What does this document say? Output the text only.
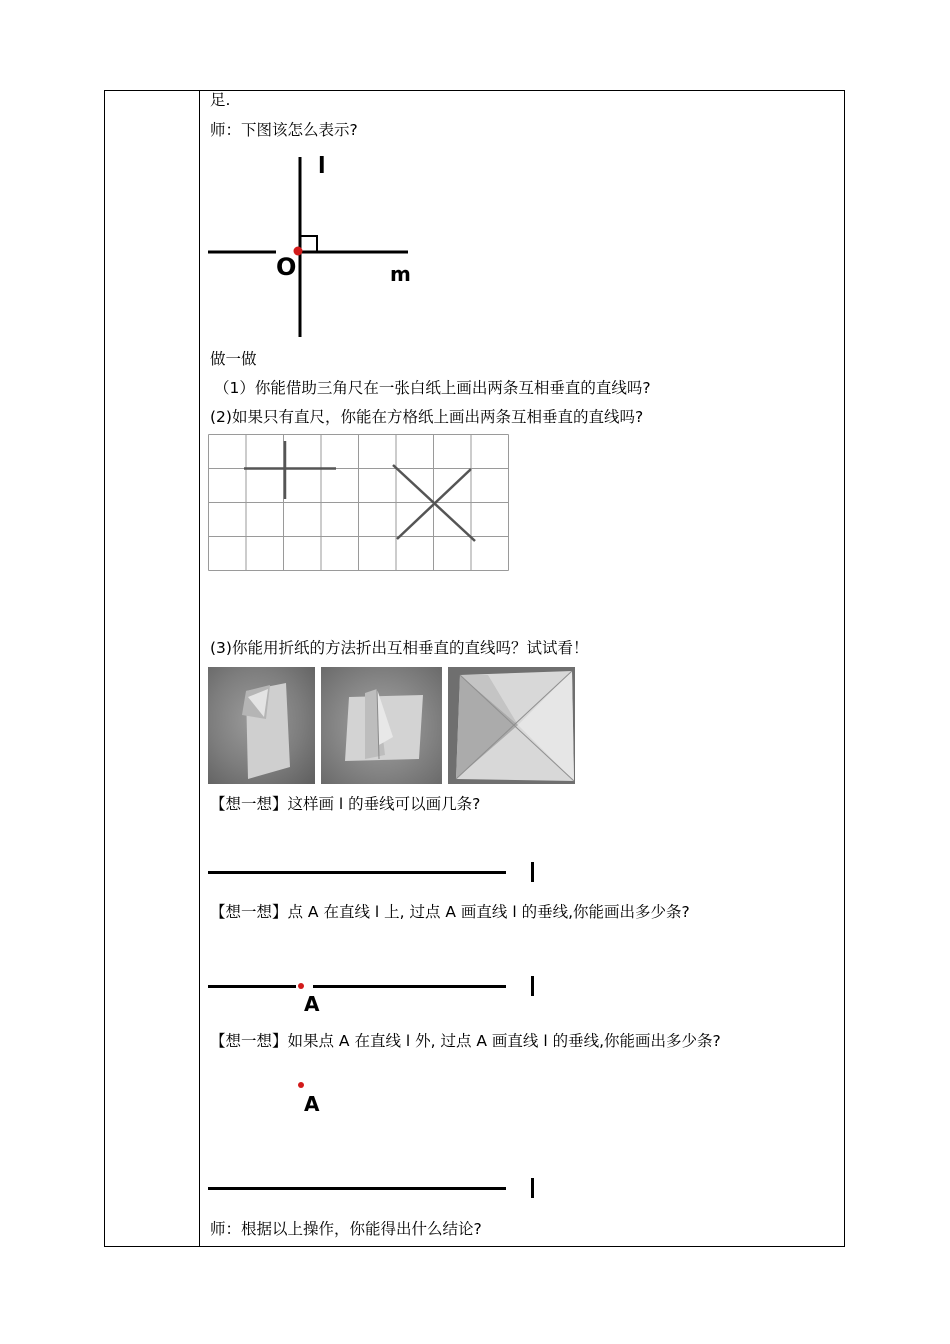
足.
师：下图该怎么表示?
l
O	m
做一做
（1）你能借助三角尺在一张白纸上画出两条互相垂直的直线吗?
(2)如果只有直尺，你能在方格纸上画出两条互相垂直的直线吗?
(3)你能用折纸的方法折出互相垂直的直线吗？试试看！
【想一想】这样画 l 的垂线可以画几条?
【想一想】点 A 在直线 l 上, 过点 A 画直线 l 的垂线,你能画出多少条?
A
【想一想】如果点 A 在直线 l 外, 过点 A 画直线 l 的垂线,你能画出多少条?
A
师：根据以上操作，你能得出什么结论?
